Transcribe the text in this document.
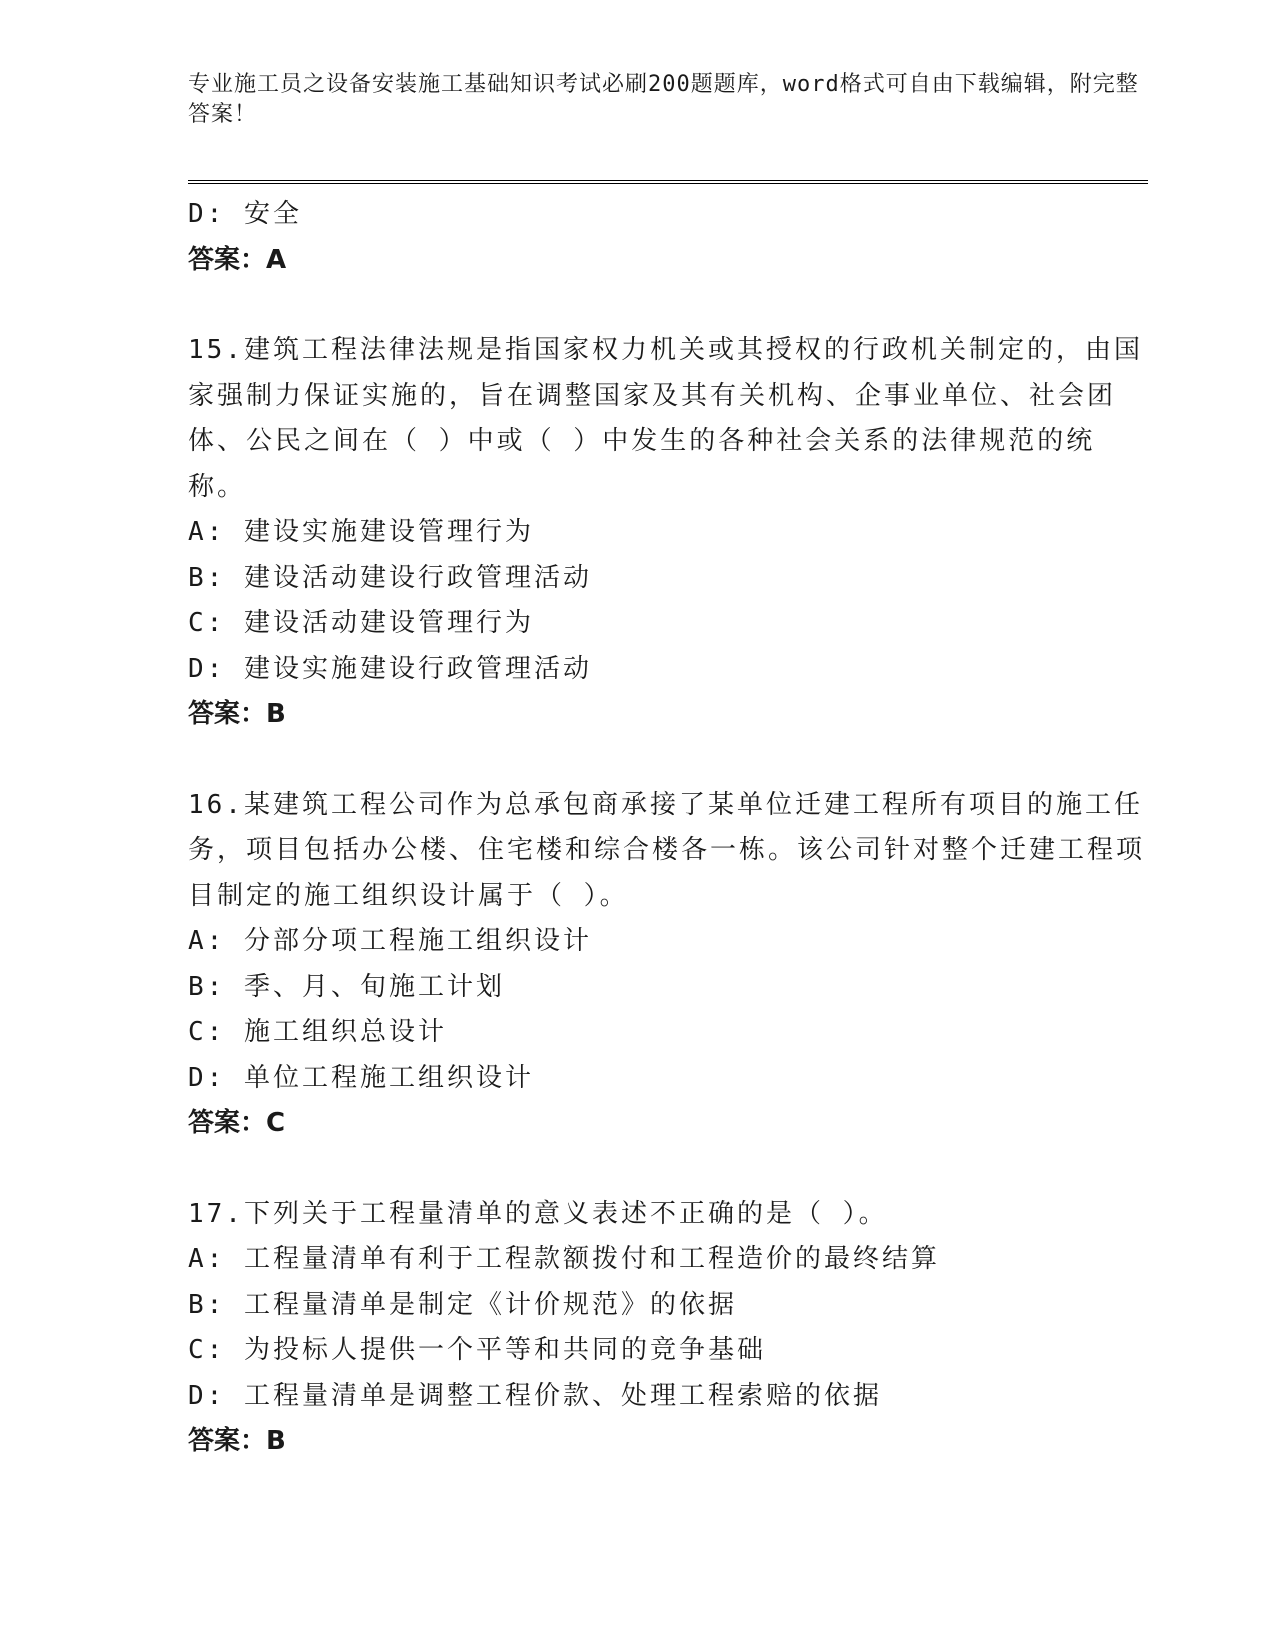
专业施工员之设备安装施工基础知识考试必刷200题题库，word格式可自由下载编辑，附完整答案！

D: 安全

答案：A

15.建筑工程法律法规是指国家权力机关或其授权的行政机关制定的，由国家强制力保证实施的，旨在调整国家及其有关机构、企事业单位、社会团体、公民之间在（ ）中或（ ）中发生的各种社会关系的法律规范的统称。

A: 建设实施建设管理行为

B: 建设活动建设行政管理活动

C: 建设活动建设管理行为

D: 建设实施建设行政管理活动

答案：B

16.某建筑工程公司作为总承包商承接了某单位迁建工程所有项目的施工任务，项目包括办公楼、住宅楼和综合楼各一栋。该公司针对整个迁建工程项目制定的施工组织设计属于（ ）。

A: 分部分项工程施工组织设计

B: 季、月、旬施工计划

C: 施工组织总设计

D: 单位工程施工组织设计

答案：C

17.下列关于工程量清单的意义表述不正确的是（ ）。

A: 工程量清单有利于工程款额拨付和工程造价的最终结算

B: 工程量清单是制定《计价规范》的依据

C: 为投标人提供一个平等和共同的竞争基础

D: 工程量清单是调整工程价款、处理工程索赔的依据

答案：B
